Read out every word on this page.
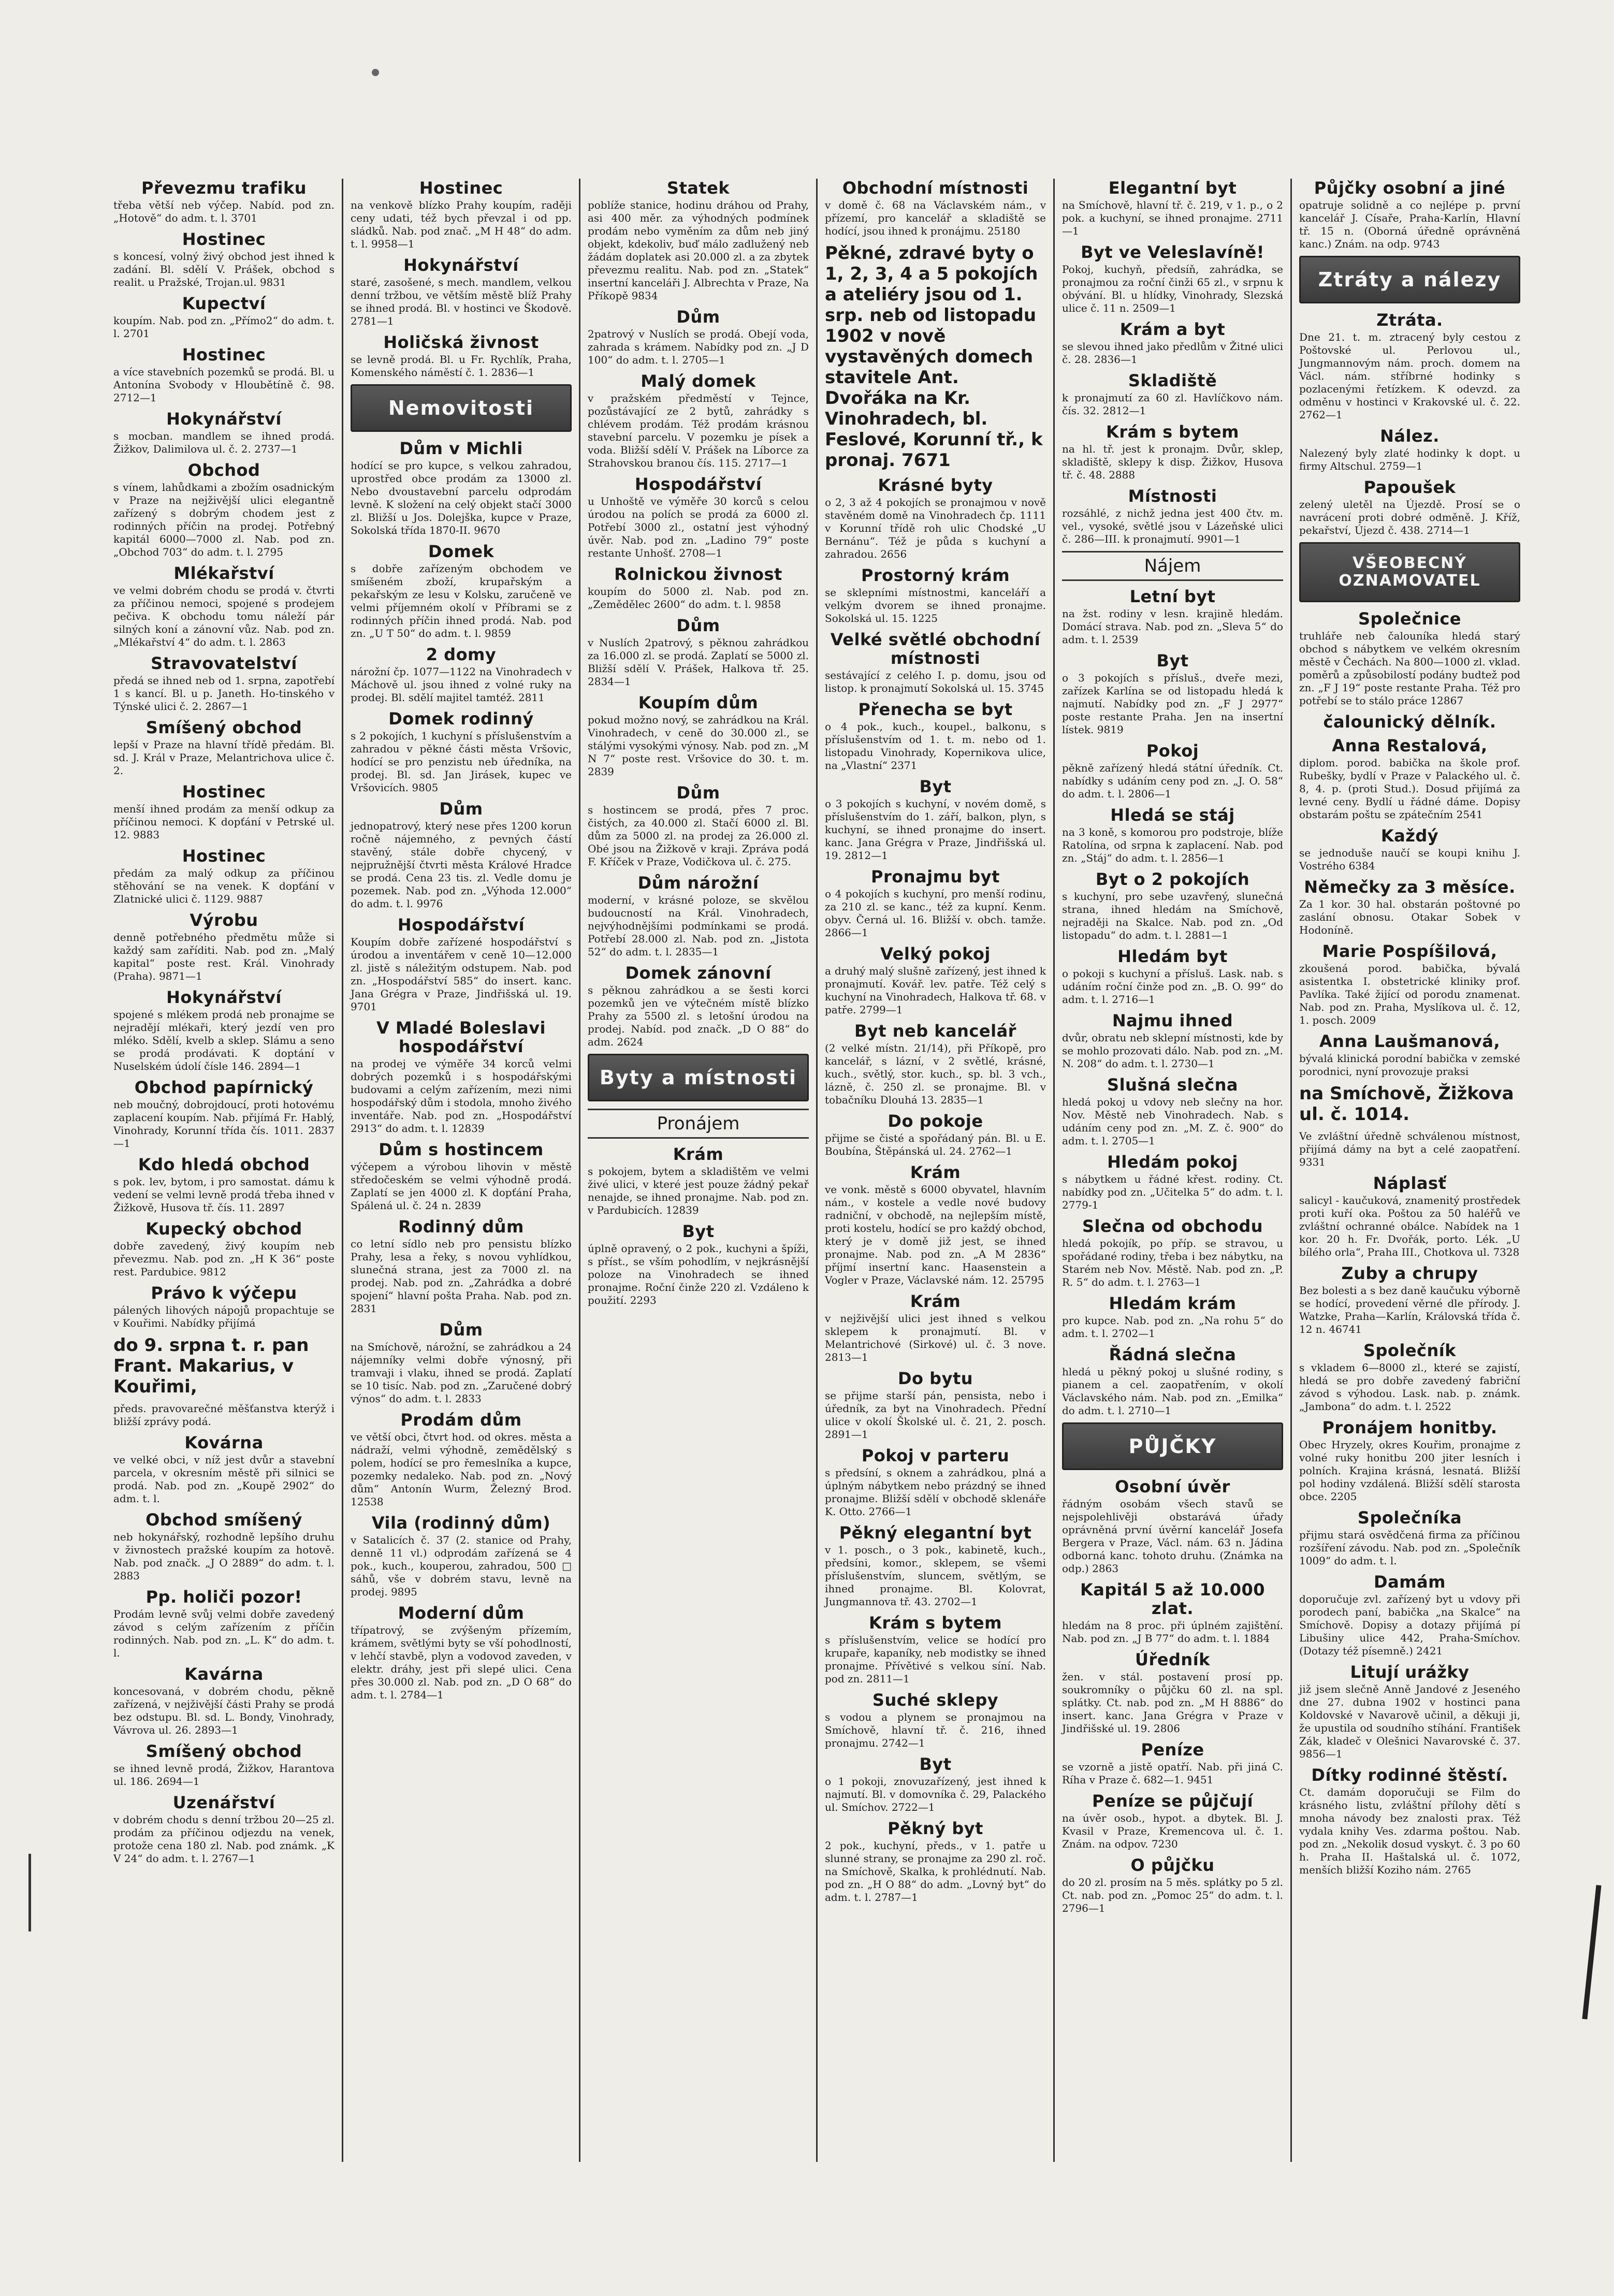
Převezmu trafiku

třeba větší neb výčep. Nabíd. pod zn. „Hotově“ do adm. t. l. 3701

Hostinec

s koncesí, volný živý obchod jest ihned k zadání. Bl. sdělí V. Prášek, obchod s realit. u Pražské, Trojan.ul. 9831

Kupectví

koupím. Nab. pod zn. „Přímo2“ do adm. t. l. 2701

Hostinec

a více stavebních pozemků se prodá. Bl. u Antonína Svobody v Hloubětíně č. 98. 2712—1

Hokynářství

s mocban. mandlem se ihned prodá. Žižkov, Dalimilova ul. č. 2. 2737—1

Obchod

s vínem, lahůdkami a zbožím osadnickým v Praze na nejživější ulici elegantně zařízený s dobrým chodem jest z rodinných příčin na prodej. Potřebný kapitál 6000—7000 zl. Nab. pod zn. „Obchod 703“ do adm. t. l. 2795

Mlékařství

ve velmi dobrém chodu se prodá v. čtvrti za příčinou nemoci, spojené s prodejem pečiva. K obchodu tomu náleží pár silných koní a zánovní vůz. Nab. pod zn. „Mlékařství 4“ do adm. t. l. 2863

Stravovatelství

předá se ihned neb od 1. srpna, zapotřebí 1 s kancí. Bl. u p. Janeth. Ho-tinského v Týnské ulici č. 2. 2867—1

Smíšený obchod

lepší v Praze na hlavní třídě předám. Bl. sd. J. Král v Praze, Melantrichova ulice č. 2.

Hostinec

menší ihned prodám za menší odkup za příčinou nemoci. K dopťání v Petrské ul. 12. 9883

Hostinec

předám za malý odkup za příčinou stěhování se na venek. K dopťání v Zlatnické ulici č. 1129. 9887

Výrobu

denně potřebného předmětu může si každý sam zaříditi. Nab. pod zn. „Malý kapital“ poste rest. Král. Vinohrady (Praha). 9871—1

Hokynářství

spojené s mlékem prodá neb pronajme se nejradějí mlékaři, který jezdí ven pro mléko. Sdělí, kvelb a sklep. Slámu a seno se prodá prodávati. K doptání v Nuselském údolí čísle 146. 2894—1

Obchod papírnický

neb moučný, dobrojdoucí, proti hotovému zaplacení koupím. Nab. přijímá Fr. Hablý, Vinohrady, Korunní třída čís. 1011. 2837—1

Kdo hledá obchod

s pok. lev, bytom, i pro samostat. dámu k vedení se velmi levně prodá třeba ihned v Žižkově, Husova tř. čís. 11. 2897

Kupecký obchod

dobře zavedený, živý koupím neb převezmu. Nab. pod zn. „H K 36“ poste rest. Pardubice. 9812

Právo k výčepu

pálených lihových nápojů propachtuje se v Kouřimi. Nabídky přijímá

do 9. srpna t. r. pan Frant. Makarius, v Kouřimi,

předs. pravovarečné měšťanstva kterýž i bližší zprávy podá.

Kovárna

ve velké obci, v níž jest dvůr a stavební parcela, v okresním městě při silnici se prodá. Nab. pod zn. „Koupě 2902“ do adm. t. l.

Obchod smíšený

neb hokynářský, rozhodně lepšího druhu v živnostech pražské koupím za hotově. Nab. pod značk. „J O 2889“ do adm. t. l. 2883

Pp. holiči pozor!

Prodám levně svůj velmi dobře zavedený závod s celým zařízením z příčin rodinných. Nab. pod zn. „L. K“ do adm. t. l.

Kavárna

koncesovaná, v dobrém chodu, pěkně zařízená, v nejživější části Prahy se prodá bez odstupu. Bl. sd. L. Bondy, Vinohrady, Vávrova ul. 26. 2893—1

Smíšený obchod

se ihned levně prodá, Žižkov, Harantova ul. 186. 2694—1

Uzenářství

v dobrém chodu s denní tržbou 20—25 zl. prodám za příčinou odjezdu na venek, protože cena 180 zl. Nab. pod známk. „K V 24“ do adm. t. l. 2767—1

Hostinec

na venkově blízko Prahy koupím, raději ceny udati, též bych převzal i od pp. sládků. Nab. pod znač. „M H 48“ do adm. t. l. 9958—1

Hokynářství

staré, zasošené, s mech. mandlem, velkou denní tržbou, ve větším městě blíž Prahy se ihned prodá. Bl. v hostinci ve Škodově. 2781—1

Holičská živnost

se levně prodá. Bl. u Fr. Rychlík, Praha, Komenského náměstí č. 1. 2836—1

Nemovitosti
Dům v Michli

hodící se pro kupce, s velkou zahradou, uprostřed obce prodám za 13000 zl. Nebo dvoustavební parcelu odprodám levně. K složení na celý objekt stačí 3000 zl. Bližší u Jos. Dolejška, kupce v Praze, Sokolská třída 1870-II. 9670

Domek

s dobře zařízeným obchodem ve smíšeném zboží, krupařským a pekařským ze lesu v Kolsku, zaručeně ve velmi příjemném okolí v Příbrami se z rodinných příčin ihned prodá. Nab. pod zn. „U T 50“ do adm. t. l. 9859

2 domy

nárožní čp. 1077—1122 na Vinohradech v Máchově ul. jsou ihned z volné ruky na prodej. Bl. sdělí majitel tamtéž. 2811

Domek rodinný

s 2 pokojích, 1 kuchyní s příslušenstvím a zahradou v pěkné části města Vršovic, hodící se pro penzistu neb úředníka, na prodej. Bl. sd. Jan Jirásek, kupec ve Vršovicích. 9805

Dům

jednopatrový, který nese přes 1200 korun ročně nájemného, z pevných částí stavěný, stále dobře chycený, v nejpružnější čtvrti města Králové Hradce se prodá. Cena 23 tis. zl. Vedle domu je pozemek. Nab. pod zn. „Výhoda 12.000“ do adm. t. l. 9976

Hospodářství

Koupím dobře zařízené hospodářství s úrodou a inventářem v ceně 10—12.000 zl. jistě s náležitým odstupem. Nab. pod zn. „Hospodářství 585“ do insert. kanc. Jana Grégra v Praze, Jindřišská ul. 19. 9701

V Mladé Boleslavi hospodářství

na prodej ve výměře 34 korců velmi dobrých pozemků i s hospodářskými budovami a celým zařízením, mezi nimi hospodářský dům i stodola, mnoho živého inventáře. Nab. pod zn. „Hospodářství 2913“ do adm. t. l. 12839

Dům s hostincem

výčepem a výrobou lihovin v městě středočeském se velmi výhodně prodá. Zaplatí se jen 4000 zl. K dopťání Praha, Spálená ul. č. 24 n. 2839

Rodinný dům

co letní sídlo neb pro pensistu blízko Prahy, lesa a řeky, s novou vyhlídkou, slunečná strana, jest za 7000 zl. na prodej. Nab. pod zn. „Zahrádka a dobré spojení“ hlavní pošta Praha. Nab. pod zn. 2831

Dům

na Smíchově, nárožní, se zahrádkou a 24 nájemníky velmi dobře výnosný, při tramvaji i vlaku, ihned se prodá. Zaplatí se 10 tisíc. Nab. pod zn. „Zaručené dobrý výnos“ do adm. t. l. 2833

Prodám dům

ve větší obci, čtvrt hod. od okres. města a nádraží, velmi výhodně, zemědělský s polem, hodící se pro řemeslníka a kupce, pozemky nedaleko. Nab. pod zn. „Nový dům“ Antonín Wurm, Železný Brod. 12538

Vila (rodinný dům)

v Satalicích č. 37 (2. stanice od Prahy, denně 11 vl.) odprodám zařízená se 4 pok., kuch., kouperou, zahradou, 500 □ sáhů, vše v dobrém stavu, levně na prodej. 9895

Moderní dům

třípatrový, se zvýšeným přízemím, krámem, světlými byty se vší pohodlností, v lehčí stavbě, plyn a vodovod zaveden, v elektr. dráhy, jest při slepé ulici. Cena přes 30.000 zl. Nab. pod zn. „D O 68“ do adm. t. l. 2784—1

Statek

poblíže stanice, hodinu dráhou od Prahy, asi 400 měr. za výhodných podmínek prodám nebo vyměním za dům neb jiný objekt, kdekoliv, buď málo zadlužený neb žádám doplatek asi 20.000 zl. a za zbytek převezmu realitu. Nab. pod zn. „Statek“ insertní kanceláři J. Albrechta v Praze, Na Příkopě 9834

Dům

2patrový v Nuslích se prodá. Obejí voda, zahrada s krámem. Nabídky pod zn. „J D 100“ do adm. t. l. 2705—1

Malý domek

v pražském předměstí v Tejnce, pozůstávající ze 2 bytů, zahrádky s chlévem prodám. Též prodám krásnou stavební parcelu. V pozemku je písek a voda. Bližší sdělí V. Prášek na Líborce za Strahovskou branou čís. 115. 2717—1

Hospodářství

u Unhoště ve výměře 30 korců s celou úrodou na polích se prodá za 6000 zl. Potřebí 3000 zl., ostatní jest výhodný úvěr. Nab. pod zn. „Ladino 79“ poste restante Unhošť. 2708—1

Rolnickou živnost

koupím do 5000 zl. Nab. pod zn. „Zemědělec 2600“ do adm. t. l. 9858

Dům

v Nuslích 2patrový, s pěknou zahrádkou za 16.000 zl. se prodá. Zaplatí se 5000 zl. Bližší sdělí V. Prášek, Halkova tř. 25. 2834—1

Koupím dům

pokud možno nový, se zahrádkou na Král. Vinohradech, v ceně do 30.000 zl., se stálými vysokými výnosy. Nab. pod zn. „M N 7“ poste rest. Vršovice do 30. t. m. 2839

Dům

s hostincem se prodá, přes 7 proc. čistých, za 40.000 zl. Stačí 6000 zl. Bl. dům za 5000 zl. na prodej za 26.000 zl. Obé jsou na Žižkově v kraji. Zpráva podá F. Kříček v Praze, Vodičkova ul. č. 275.

Dům nárožní

moderní, v krásné poloze, se skvělou budoucností na Král. Vinohradech, nejvýhodnějšími podmínkami se prodá. Potřebí 28.000 zl. Nab. pod zn. „Jistota 52“ do adm. t. l. 2835—1

Domek zánovní

s pěknou zahrádkou a se šesti korci pozemků jen ve výtečném místě blízko Prahy za 5500 zl. s letošní úrodou na prodej. Nabíd. pod značk. „D O 88“ do adm. 2624

Byty a místnosti
Pronájem
Krám

s pokojem, bytem a skladištěm ve velmi živé ulici, v které jest pouze žádný pekař nenajde, se ihned pronajme. Nab. pod zn. v Pardubicích. 12839

Byt

úplně opravený, o 2 pok., kuchyni a špíži, s příst., se vším pohodlím, v nejkrásnější poloze na Vinohradech se ihned pronajme. Roční činže 220 zl. Vzdáleno k použití. 2293

Obchodní místnosti

v domě č. 68 na Václavském nám., v přízemí, pro kancelář a skladiště se hodící, jsou ihned k pronájmu. 25180

Pěkné, zdravé byty o 1, 2, 3, 4 a 5 pokojích a ateliéry jsou od 1. srp. neb od listopadu 1902 v nově vystavěných domech stavitele Ant. Dvořáka na Kr. Vinohradech, bl. Feslové, Korunní tř., k pronaj. 7671

Krásné byty

o 2, 3 až 4 pokojích se pronajmou v nově stavěném domě na Vinohradech čp. 1111 v Korunní třídě roh ulic Chodské „U Bernánu“. Též je půda s kuchyní a zahradou. 2656

Prostorný krám

se sklepními místnostmi, kanceláří a velkým dvorem se ihned pronajme. Sokolská ul. 15. 1225

Velké světlé obchodní místnosti

sestávající z celého I. p. domu, jsou od listop. k pronajmutí Sokolská ul. 15. 3745

Přenecha se byt

o 4 pok., kuch., koupel., balkonu, s příslušenstvím od 1. t. m. nebo od 1. listopadu Vinohrady, Kopernikova ulice, na „Vlastní“ 2371

Byt

o 3 pokojích s kuchyní, v novém domě, s příslušenstvím do 1. září, balkon, plyn, s kuchyní, se ihned pronajme do insert. kanc. Jana Grégra v Praze, Jindřišská ul. 19. 2812—1

Pronajmu byt

o 4 pokojích s kuchyní, pro menší rodinu, za 210 zl. se kanc., též za kupní. Kenm. obyv. Černá ul. 16. Bližší v. obch. tamže. 2866—1

Velký pokoj

a druhý malý slušně zařízený, jest ihned k pronajmutí. Kovář. lev. patře. Též celý s kuchyní na Vinohradech, Halkova tř. 68. v patře. 2799—1

Byt neb kancelář

(2 velké místn. 21/14), při Příkopě, pro kancelář, s lázní, v 2 světlé, krásné, kuch., světlý, stor. kuch., sp. bl. 3 vch., lázně, č. 250 zl. se pronajme. Bl. v tobačníku Dlouhá 13. 2835—1

Do pokoje

přijme se čisté a spořádaný pán. Bl. u E. Boubína, Štěpánská ul. 24. 2762—1

Krám

ve vonk. městě s 6000 obyvatel, hlavním nám., v kostele a vedle nové budovy radniční, v obchodě, na nejlepším místě, proti kostelu, hodící se pro každý obchod, který je v domě již jest, se ihned pronajme. Nab. pod zn. „A M 2836“ příjmí insertní kanc. Haasenstein a Vogler v Praze, Václavské nám. 12. 25795

Krám

v nejživější ulici jest ihned s velkou sklepem k pronajmutí. Bl. v Melantrichové (Sirkové) ul. č. 3 nove. 2813—1

Do bytu

se přijme starší pán, pensista, nebo i úředník, za byt na Vinohradech. Přední ulice v okolí Školské ul. č. 21, 2. posch. 2891—1

Pokoj v parteru

s předsíní, s oknem a zahrádkou, plná a úplným nábytkem nebo prázdný se ihned pronajme. Bližší sdělí v obchodě sklenáře K. Otto. 2766—1

Pěkný elegantní byt

v 1. posch., o 3 pok., kabinetě, kuch., předsíni, komor., sklepem, se všemi příslušenstvím, sluncem, světlým, se ihned pronajme. Bl. Kolovrat, Jungmannova tř. 43. 2702—1

Krám s bytem

s příslušenstvím, velice se hodící pro krupaře, kapaníky, neb modistky se ihned pronajme. Přívětivé s velkou síní. Nab. pod zn. 2811—1

Suché sklepy

s vodou a plynem se pronajmou na Smíchově, hlavní tř. č. 216, ihned pronajmu. 2742—1

Byt

o 1 pokoji, znovuzařízený, jest ihned k najmutí. Bl. v domovníka č. 29, Palackého ul. Smíchov. 2722—1

Pěkný byt

2 pok., kuchyní, předs., v 1. patře u slunné strany, se pronajme za 290 zl. roč. na Smíchově, Skalka, k prohlédnutí. Nab. pod zn. „H O 88“ do adm. „Lovný byt“ do adm. t. l. 2787—1

Elegantní byt

na Smíchově, hlavní tř. č. 219, v 1. p., o 2 pok. a kuchyní, se ihned pronajme. 2711—1

Byt ve Veleslavíně!

Pokoj, kuchyň, předsíň, zahrádka, se pronajmou za roční činži 65 zl., v srpnu k obývání. Bl. u hlídky, Vinohrady, Slezská ulice č. 11 n. 2509—1

Krám a byt

se slevou ihned jako předlům v Žitné ulici č. 28. 2836—1

Skladiště

k pronajmutí za 60 zl. Havlíčkovo nám. čís. 32. 2812—1

Krám s bytem

na hl. tř. jest k pronajm. Dvůr, sklep, skladiště, sklepy k disp. Žižkov, Husova tř. č. 48. 2888

Místnosti

rozsáhlé, z nichž jedna jest 400 čtv. m. vel., vysoké, světlé jsou v Lázeňské ulici č. 286—III. k pronajmutí. 9901—1

Nájem
Letní byt

na žst. rodiny v lesn. krajině hledám. Domácí strava. Nab. pod zn. „Sleva 5“ do adm. t. l. 2539

Byt

o 3 pokojích s přísluš., dveře mezi, zařízek Karlína se od listopadu hledá k najmutí. Nabídky pod zn. „F J 2977“ poste restante Praha. Jen na insertní lístek. 9819

Pokoj

pěkně zařízený hledá státní úředník. Ct. nabídky s udáním ceny pod zn. „J. O. 58“ do adm. t. l. 2806—1

Hledá se stáj

na 3 koně, s komorou pro podstroje, blíže Ratolína, od srpna k zaplacení. Nab. pod zn. „Stáj“ do adm. t. l. 2856—1

Byt o 2 pokojích

s kuchyní, pro sebe uzavřený, slunečná strana, ihned hledám na Smíchově, nejraději na Skalce. Nab. pod zn. „Od listopadu“ do adm. t. l. 2881—1

Hledám byt

o pokoji s kuchyní a přísluš. Lask. nab. s udáním roční činže pod zn. „B. O. 99“ do adm. t. l. 2716—1

Najmu ihned

dvůr, obratu neb sklepní místnosti, kde by se mohlo prozovati dálo. Nab. pod zn. „M. N. 208“ do adm. t. l. 2730—1

Slušná slečna

hledá pokoj u vdovy neb slečny na hor. Nov. Městě neb Vinohradech. Nab. s udáním ceny pod zn. „M. Z. č. 900“ do adm. t. l. 2705—1

Hledám pokoj

s nábytkem u řádné křest. rodiny. Ct. nabídky pod zn. „Učitelka 5“ do adm. t. l. 2779-1

Slečna od obchodu

hledá pokojík, po příp. se stravou, u spořádané rodiny, třeba i bez nábytku, na Starém neb Nov. Městě. Nab. pod zn. „P. R. 5“ do adm. t. l. 2763—1

Hledám krám

pro kupce. Nab. pod zn. „Na rohu 5“ do adm. t. l. 2702—1

Řádná slečna

hledá u pěkný pokoj u slušné rodiny, s pianem a cel. zaopatřením, v okolí Václavského nám. Nab. pod zn. „Emilka“ do adm. t. l. 2710—1

PŮJČKY
Osobní úvěr

řádným osobám všech stavů se nejspolehlivěji obstarává úřady oprávněná první úvěrní kancelář Josefa Bergera v Praze, Václ. nám. 63 n. Jádina odborná kanc. tohoto druhu. (Známka na odp.) 2863

Kapitál 5 až 10.000 zlat.

hledám na 8 proc. při úplném zajištění. Nab. pod zn. „J B 77“ do adm. t. l. 1884

Úředník

žen. v stál. postavení prosí pp. soukromníky o půjčku 60 zl. na spl. splátky. Ct. nab. pod zn. „M H 8886“ do insert. kanc. Jana Grégra v Praze v Jindřišské ul. 19. 2806

Peníze

se vzorně a jistě opatří. Nab. při jiná C. Ríha v Praze č. 682—1. 9451

Peníze se půjčují

na úvěr osob., hypot. a dbytek. Bl. J. Kvasil v Praze, Kremencova ul. č. 1. Znám. na odpov. 7230

O půjčku

do 20 zl. prosím na 5 měs. splátky po 5 zl. Ct. nab. pod zn. „Pomoc 25“ do adm. t. l. 2796—1

Půjčky osobní a jiné

opatruje solidně a co nejlépe p. první kancelář J. Císaře, Praha-Karlín, Hlavní tř. 15 n. (Oborná úředně oprávněná kanc.) Znám. na odp. 9743

Ztráty a nálezy
Ztráta.

Dne 21. t. m. ztracený byly cestou z Poštovské ul. Perlovou ul., Jungmannovým nám. proch. domem na Václ. nám. stříbrné hodinky s pozlacenými řetízkem. K odevzd. za odměnu v hostinci v Krakovské ul. č. 22. 2762—1

Nález.

Nalezený byly zlaté hodinky k dopt. u firmy Altschul. 2759—1

Papoušek

zelený uletěl na Újezdě. Prosí se o navrácení proti dobré odměně. J. Kříž, pekařství, Újezd č. 438. 2714—1

VŠEOBECNÝ OZNAMOVATEL
Společnice

truhláře neb čalouníka hledá starý obchod s nábytkem ve velkém okresním městě v Čechách. Na 800—1000 zl. vklad. poměrů a způsobilostí podány budtež pod zn. „F J 19“ poste restante Praha. Též pro potřebí se to stálo práce 12867

čalounický dělník.
Anna Restalová,

diplom. porod. babička na škole prof. Rubešky, bydlí v Praze v Palackého ul. č. 8, 4. p. (proti Stud.). Dosud přijímá za levné ceny. Bydlí u řádné dáme. Dopisy obstarám poštu se zpátečním 2541

Každý

se jednoduše naučí se koupi knihu J. Vostrého 6384

Němečky za 3 měsíce.

Za 1 kor. 30 hal. obstarán poštovné po zaslání obnosu. Otakar Sobek v Hodoníně.

Marie Pospíšilová,

zkoušená porod. babička, bývalá asistentka I. obstetrické kliniky prof. Pavlíka. Také žijící od porodu znamenat. Nab. pod zn. Praha, Myslíkova ul. č. 12, 1. posch. 2009

Anna Laušmanová,

bývalá klinická porodní babička v zemské porodnici, nyní provozuje praksi

na Smíchově, Žižkova ul. č. 1014.

Ve zvláštní úředně schválenou místnost, přijímá dámy na byt a celé zaopatření. 9331

Náplasť

salicyl - kaučuková, znamenitý prostředek proti kuří oka. Poštou za 50 haléřů ve zvláštní ochranné obálce. Nabídek na 1 kor. 20 h. Fr. Dvořák, porto. Lék. „U bílého orla“, Praha III., Chotkova ul. 7328

Zuby a chrupy

Bez bolesti a s bez daně kaučuku výborně se hodící, provedení věrné dle přírody. J. Watzke, Praha—Karlín, Královská třída č. 12 n. 46741

Společník

s vkladem 6—8000 zl., které se zajistí, hledá se pro dobře zavedený fabriční závod s výhodou. Lask. nab. p. známk. „Jambona“ do adm. t. l. 2522

Pronájem honitby.

Obec Hryzely, okres Kouřim, pronajme z volné ruky honitbu 200 jiter lesních i polních. Krajina krásná, lesnatá. Bližší pol hodiny vzdálená. Bližší sdělí starosta obce. 2205

Společníka

přijmu stará osvědčená firma za příčinou rozšíření závodu. Nab. pod zn. „Společník 1009“ do adm. t. l.

Damám

doporučuje zvl. zařízený byt u vdovy při porodech paní, babička „na Skalce“ na Smíchově. Dopisy a dotazy přijímá pí Libušiny ulice 442, Praha-Smíchov. (Dotazy též písemně.) 2421

Litují urážky

již jsem slečně Anně Jandové z Jeseného dne 27. dubna 1902 v hostinci pana Koldovské v Navarově učinil, a děkuji ji, že upustila od soudního stíhání. František Zák, kladeč v Olešnici Navarovské č. 37. 9856—1

Dítky rodinné štěstí.

Ct. damám doporučuji se Film do krásného listu, zvláštní přílohy dětí s mnoha návody bez znalosti prax. Též vydala knihy Ves. zdarma poštou. Nab. pod zn. „Nekolik dosud vyskyt. č. 3 po 60 h. Praha II. Haštalská ul. č. 1072, menších bližší Koziho nám. 2765
